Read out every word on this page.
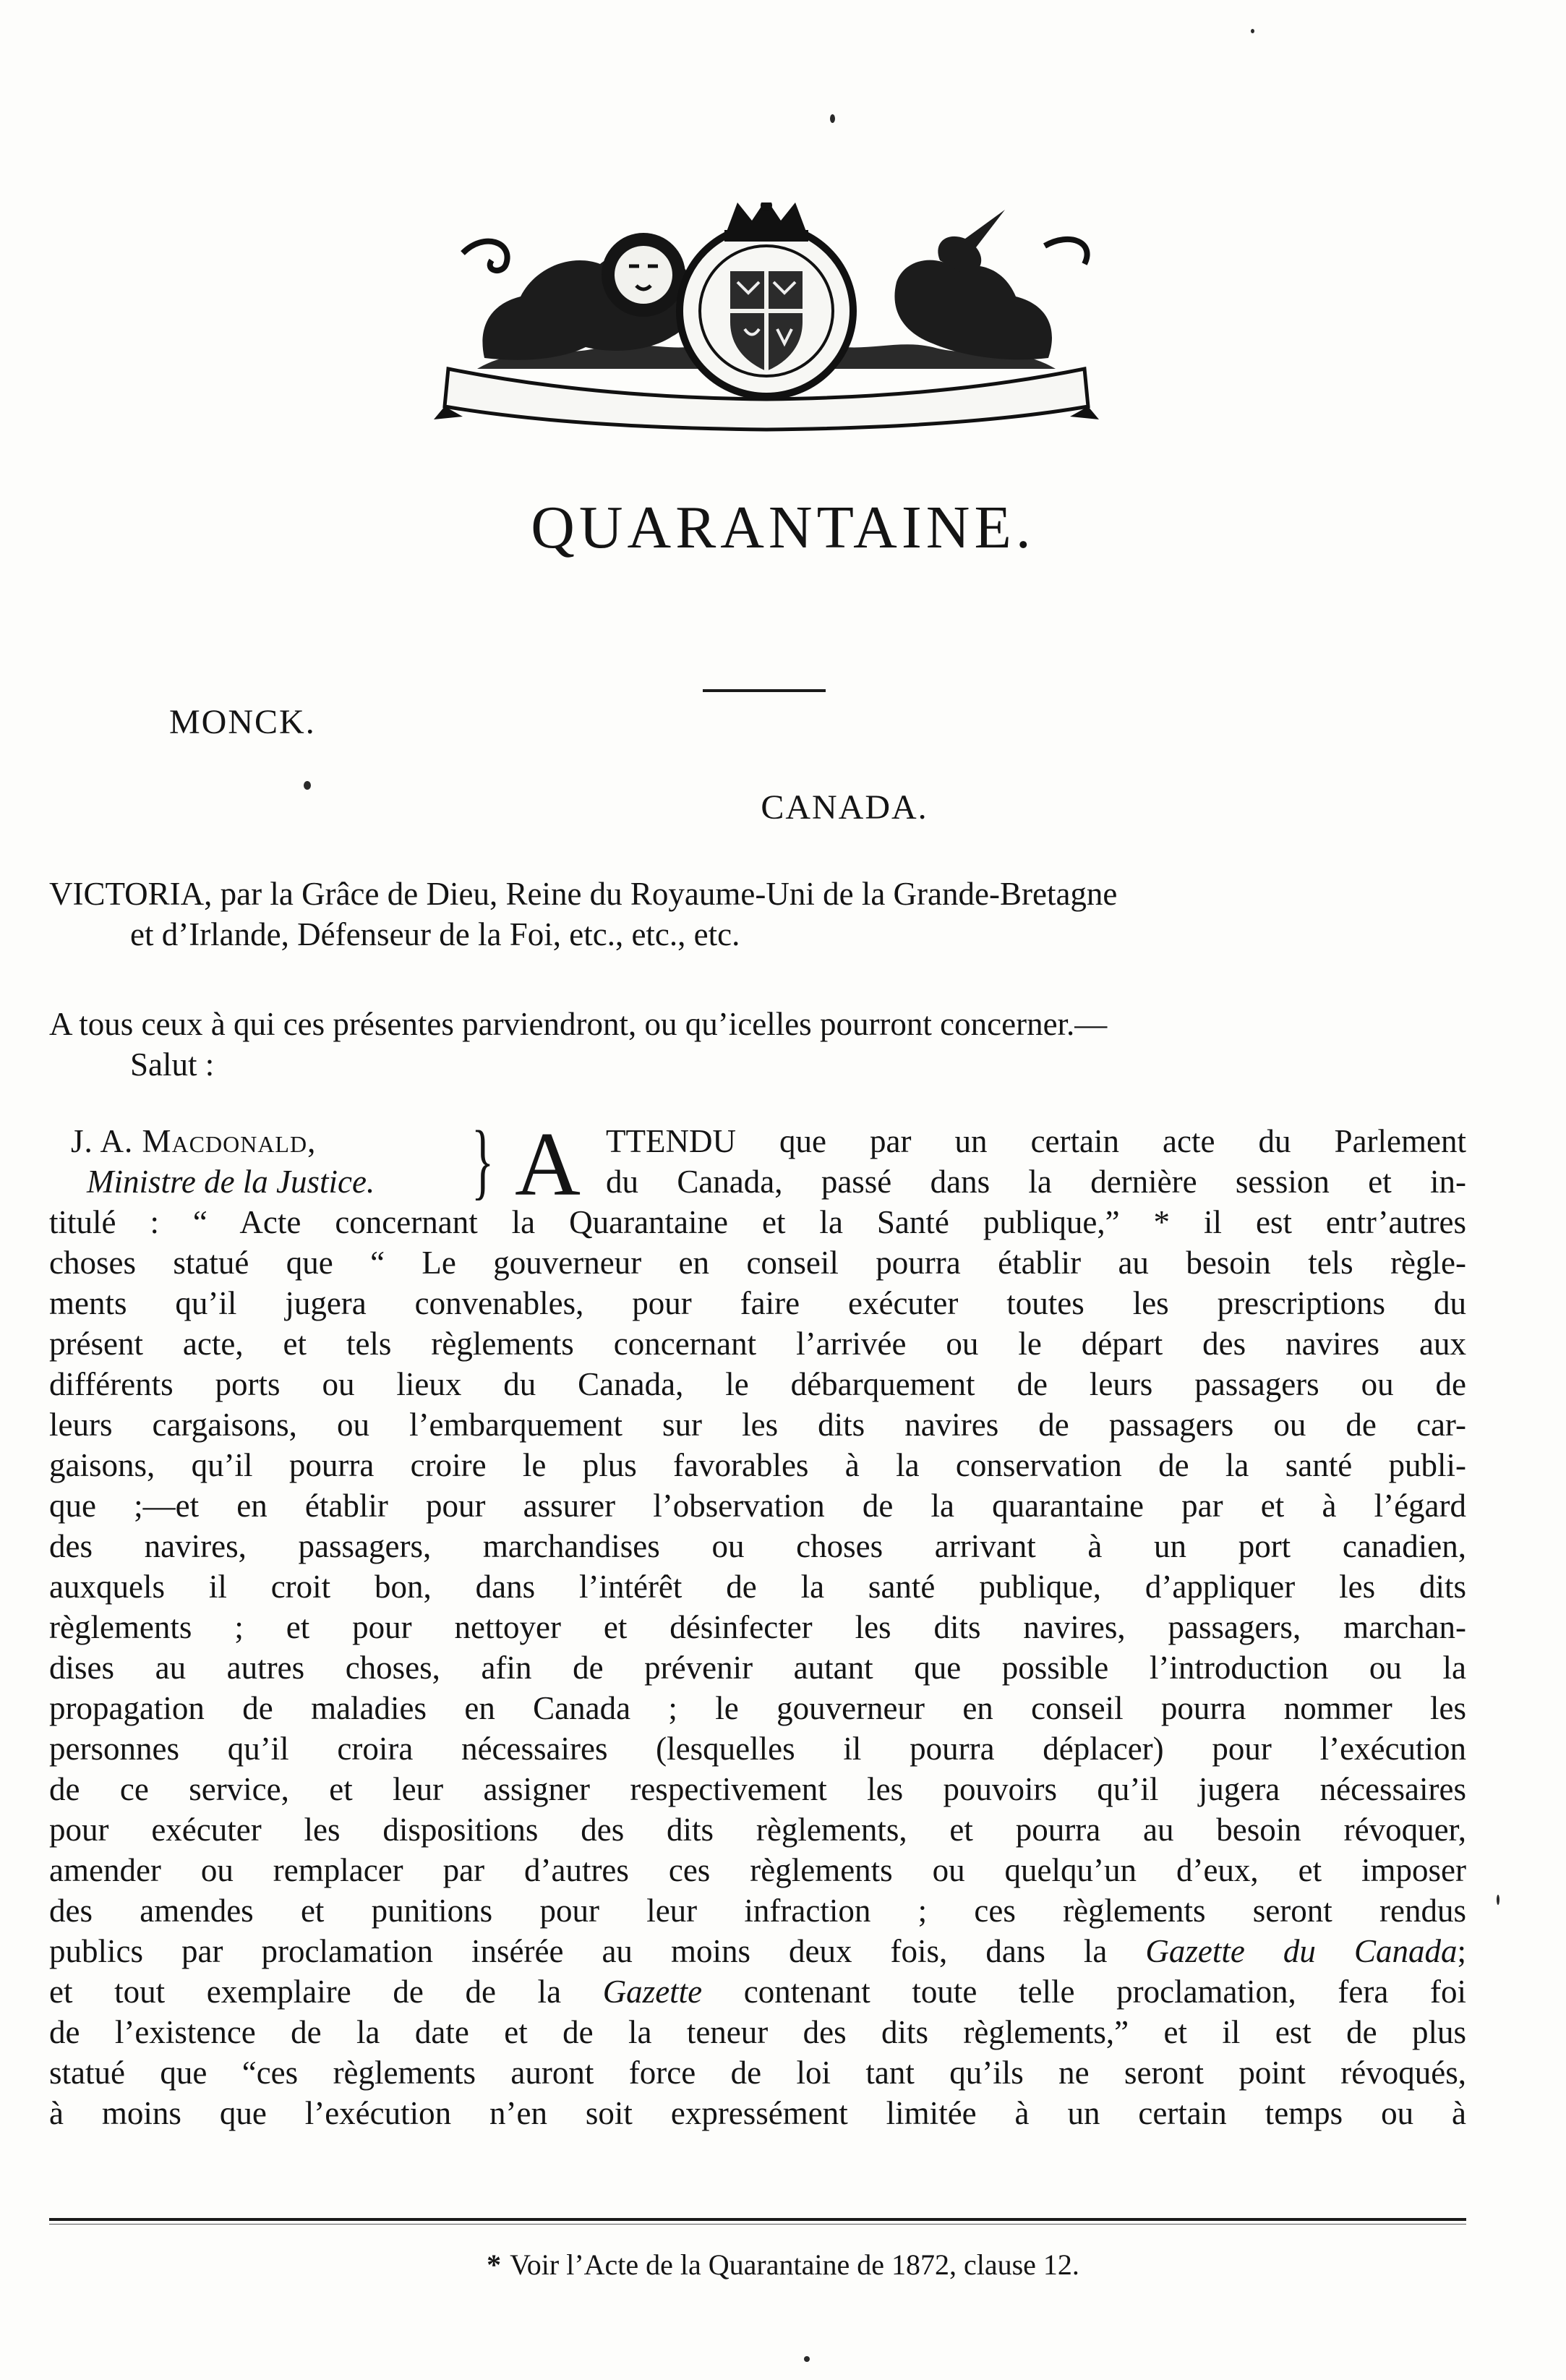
QUARANTAINE.
MONCK.
CANADA.
VICTORIA, par la Grâce de Dieu, Reine du Royaume-Uni de la Grande-Bretagne
et d’Irlande, Défenseur de la Foi, etc., etc., etc.
A tous ceux à qui ces présentes parviendront, ou qu’icelles pourront concerner.—
Salut :
J. A. Macdonald,
Ministre de la Justice. } A TTENDU que par un certain acte du Parlement
du Canada, passé dans la dernière session et in-
titulé : “ Acte concernant la Quarantaine et la Santé publique,” * il est entr’autres
choses statué que “ Le gouverneur en conseil pourra établir au besoin tels règle-
ments qu’il jugera convenables, pour faire exécuter toutes les prescriptions du
présent acte, et tels règlements concernant l’arrivée ou le départ des navires aux
différents ports ou lieux du Canada, le débarquement de leurs passagers ou de
leurs cargaisons, ou l’embarquement sur les dits navires de passagers ou de car-
gaisons, qu’il pourra croire le plus favorables à la conservation de la santé publi-
que ;—et en établir pour assurer l’observation de la quarantaine par et à l’égard
des navires, passagers, marchandises ou choses arrivant à un port canadien,
auxquels il croit bon, dans l’intérêt de la santé publique, d’appliquer les dits
règlements ; et pour nettoyer et désinfecter les dits navires, passagers, marchan-
dises au autres choses, afin de prévenir autant que possible l’introduction ou la
propagation de maladies en Canada ; le gouverneur en conseil pourra nommer les
personnes qu’il croira nécessaires (lesquelles il pourra déplacer) pour l’exécution
de ce service, et leur assigner respectivement les pouvoirs qu’il jugera nécessaires
pour exécuter les dispositions des dits règlements, et pourra au besoin révoquer,
amender ou remplacer par d’autres ces règlements ou quelqu’un d’eux, et imposer
des amendes et punitions pour leur infraction ; ces règlements seront rendus
publics par proclamation insérée au moins deux fois, dans la Gazette du Canada;
et tout exemplaire de de la Gazette contenant toute telle proclamation, fera foi
de l’existence de la date et de la teneur des dits règlements,” et il est de plus
statué que “ces règlements auront force de loi tant qu’ils ne seront point révoqués,
à moins que l’exécution n’en soit expressément limitée à un certain temps ou à
* Voir l’Acte de la Quarantaine de 1872, clause 12.
